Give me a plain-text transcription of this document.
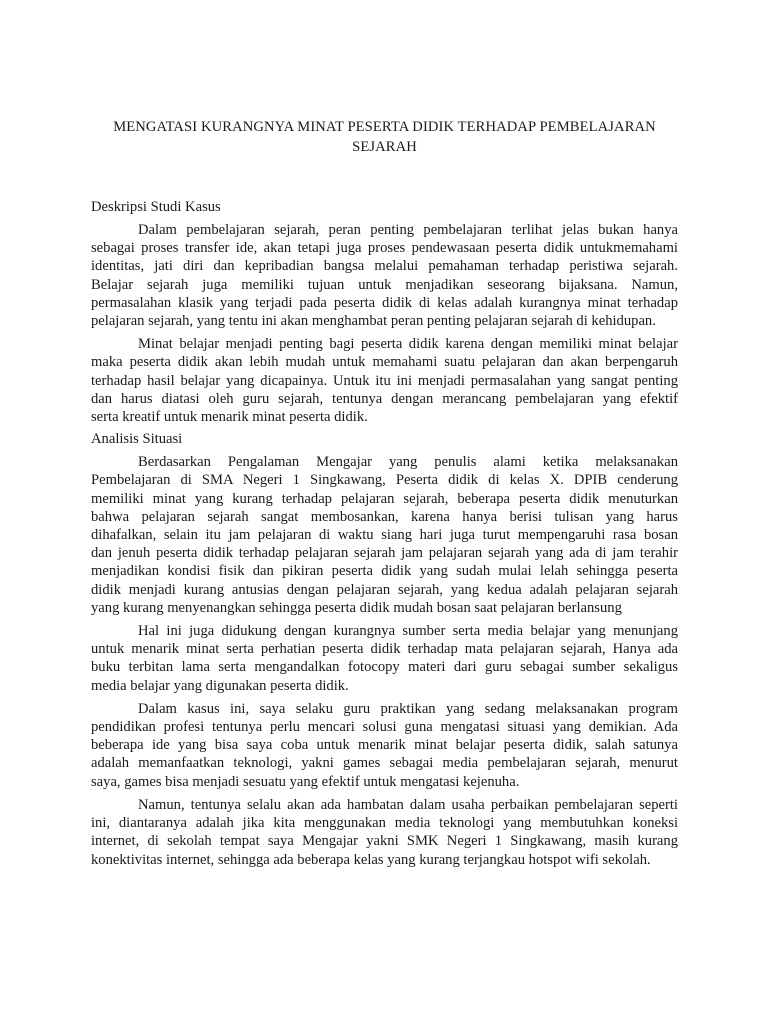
MENGATASI KURANGNYA MINAT PESERTA DIDIK TERHADAP PEMBELAJARAN

SEJARAH

Deskripsi Studi Kasus

Dalam pembelajaran sejarah, peran penting pembelajaran terlihat jelas bukan hanya
sebagai proses transfer ide, akan tetapi juga proses pendewasaan peserta didik untukmemahami
identitas, jati diri dan kepribadian bangsa melalui pemahaman terhadap peristiwa sejarah.
Belajar sejarah juga memiliki tujuan untuk menjadikan seseorang bijaksana. Namun,
permasalahan klasik yang terjadi pada peserta didik di kelas adalah kurangnya minat terhadap
pelajaran sejarah, yang tentu ini akan menghambat peran penting pelajaran sejarah di kehidupan.

Minat belajar menjadi penting bagi peserta didik karena dengan memiliki minat belajar
maka peserta didik akan lebih mudah untuk memahami suatu pelajaran dan akan berpengaruh
terhadap hasil belajar yang dicapainya. Untuk itu ini menjadi permasalahan yang sangat penting
dan harus diatasi oleh guru sejarah, tentunya dengan merancang pembelajaran yang efektif
serta kreatif untuk menarik minat peserta didik.

Analisis Situasi

Berdasarkan Pengalaman Mengajar yang penulis alami ketika melaksanakan
Pembelajaran di SMA Negeri 1 Singkawang, Peserta didik di kelas X. DPIB cenderung
memiliki minat yang kurang terhadap pelajaran sejarah, beberapa peserta didik menuturkan
bahwa pelajaran sejarah sangat membosankan, karena hanya berisi tulisan yang harus
dihafalkan, selain itu jam pelajaran di waktu siang hari juga turut mempengaruhi rasa bosan
dan jenuh peserta didik terhadap pelajaran sejarah jam pelajaran sejarah yang ada di jam terahir
menjadikan kondisi fisik dan pikiran peserta didik yang sudah mulai lelah sehingga peserta
didik menjadi kurang antusias dengan pelajaran sejarah, yang kedua adalah pelajaran sejarah
yang kurang menyenangkan sehingga peserta didik mudah bosan saat pelajaran berlansung

Hal ini juga didukung dengan kurangnya sumber serta media belajar yang menunjang
untuk menarik minat serta perhatian peserta didik terhadap mata pelajaran sejarah, Hanya ada
buku terbitan lama serta mengandalkan fotocopy materi dari guru sebagai sumber sekaligus
media belajar yang digunakan peserta didik.

Dalam kasus ini, saya selaku guru praktikan yang sedang melaksanakan program
pendidikan profesi tentunya perlu mencari solusi guna mengatasi situasi yang demikian. Ada
beberapa ide yang bisa saya coba untuk menarik minat belajar peserta didik, salah satunya
adalah memanfaatkan teknologi, yakni games sebagai media pembelajaran sejarah, menurut
saya, games bisa menjadi sesuatu yang efektif untuk mengatasi kejenuha.

Namun, tentunya selalu akan ada hambatan dalam usaha perbaikan pembelajaran seperti
ini, diantaranya adalah jika kita menggunakan media teknologi yang membutuhkan koneksi
internet, di sekolah tempat saya Mengajar yakni SMK Negeri 1 Singkawang, masih kurang
konektivitas internet, sehingga ada beberapa kelas yang kurang terjangkau hotspot wifi sekolah.
